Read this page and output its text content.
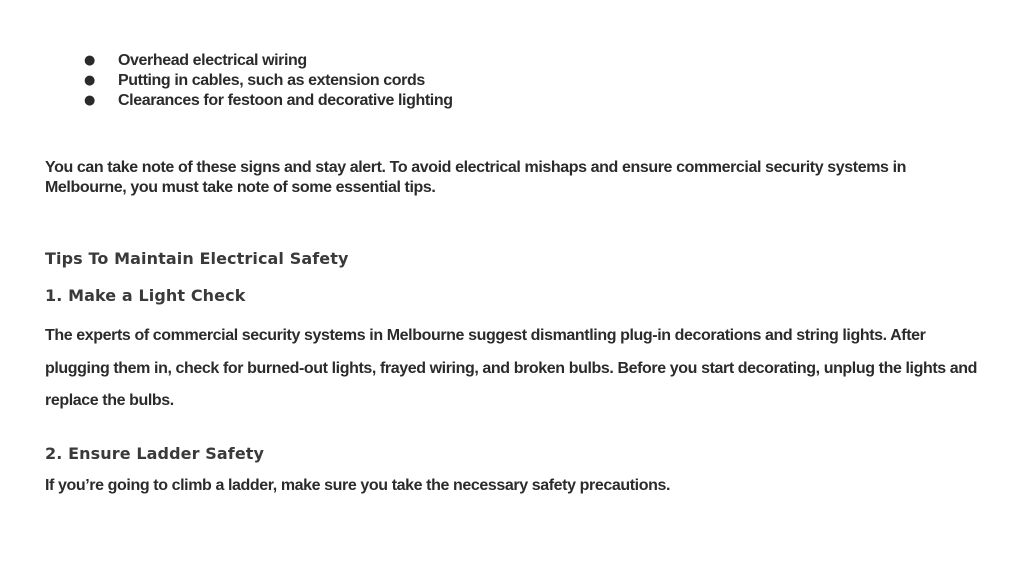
● Overhead electrical wiring
● Putting in cables, such as extension cords
● Clearances for festoon and decorative lighting

You can take note of these signs and stay alert. To avoid electrical mishaps and ensure commercial security systems in Melbourne, you must take note of some essential tips.

Tips To Maintain Electrical Safety
1. Make a Light Check

The experts of commercial security systems in Melbourne suggest dismantling plug-in decorations and string lights. After plugging them in, check for burned-out lights, frayed wiring, and broken bulbs. Before you start decorating, unplug the lights and replace the bulbs.

2. Ensure Ladder Safety

If you’re going to climb a ladder, make sure you take the necessary safety precautions.
